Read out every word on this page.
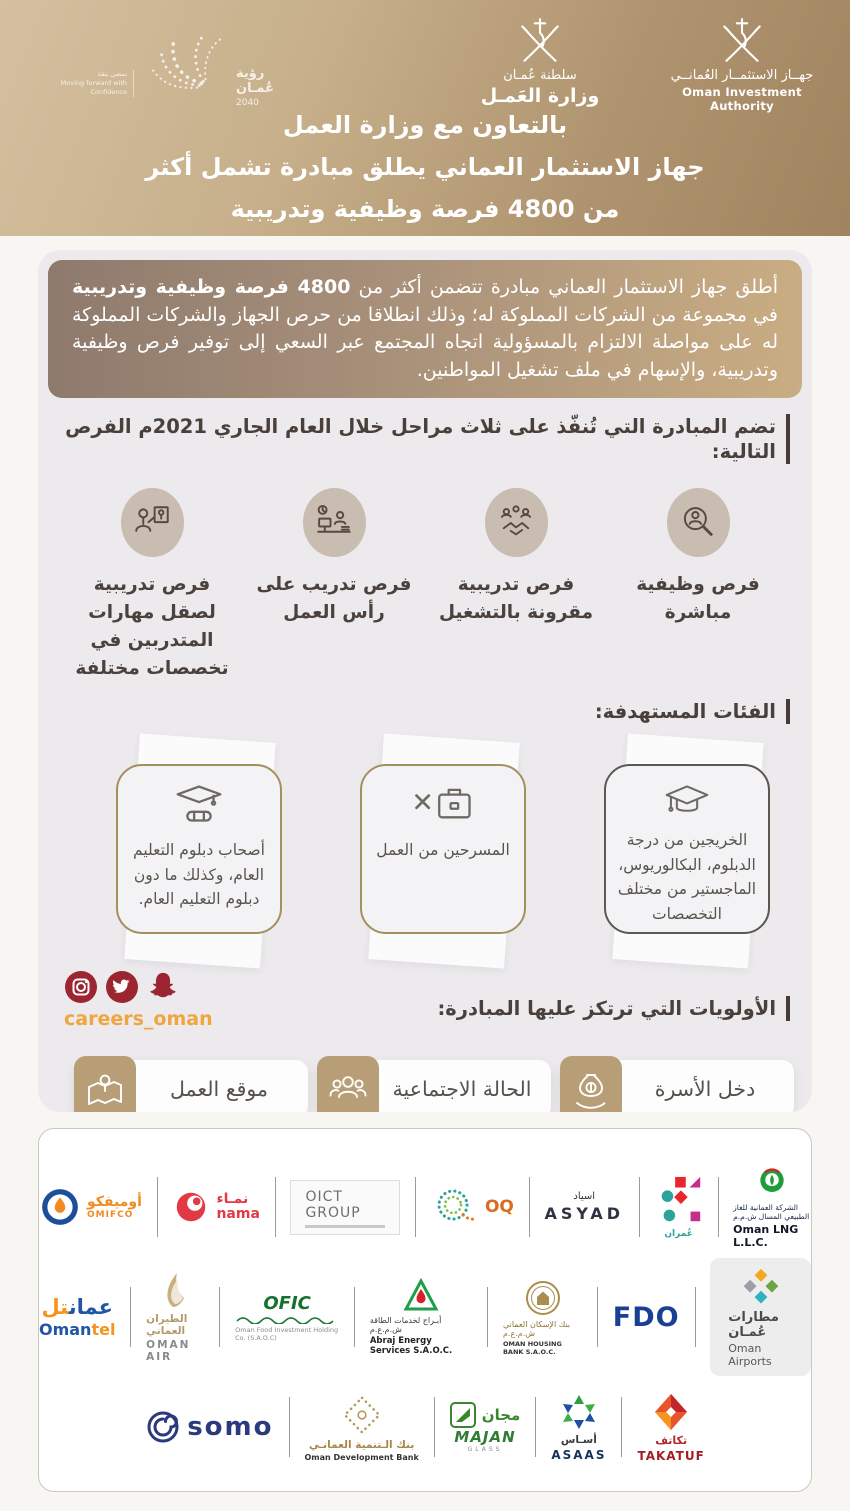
نمضي بثقة
Moving forward with Confidence
رؤية عُمـان
2040
سلطنة عُمـان
وزارة العَمـل
جهــاز الاستثمــار العُمانــي
Oman Investment Authority
بالتعاون مع وزارة العمل
جهاز الاستثمار العماني يطلق مبادرة تشمل أكثر
من 4800 فرصة وظيفية وتدريبية

أطلق جهاز الاستثمار العماني مبادرة تتضمن أكثر من 4800 فرصة وظيفية وتدريبية في مجموعة من الشركات المملوكة له؛ وذلك انطلاقا من حرص الجهاز والشركات المملوكة له على مواصلة الالتزام بالمسؤولية اتجاه المجتمع عبر السعي إلى توفير فرص وظيفية وتدريبية، والإسهام في ملف تشغيل المواطنين.

تضم المبادرة التي تُنفّذ على ثلاث مراحل خلال العام الجاري 2021م الفرص التالية:
فرص وظيفية مباشرة
فرص تدريبية مقرونة بالتشغيل
فرص تدريب على رأس العمل
فرص تدريبية لصقل مهارات المتدربين في تخصصات مختلفة
الفئات المستهدفة:
الخريجين من درجة الدبلوم، البكالوريوس، الماجستير من مختلف التخصصات
المسرحين من العمل
أصحاب دبلوم التعليم العام، وكذلك ما دون دبلوم التعليم العام.
الأولويات التي ترتكز عليها المبادرة:
careers_oman
دخل الأسرة
الحالة الاجتماعية
موقع العمل
أوميفكو
OMIFCO
نمـاء
nama
OICT GROUP	OQ
اسياد
ASYAD
عُمران
الشركة العمانية للغاز الطبيعي المسال ش.م.م
Oman LNG L.L.C.
عمانتل
Omantel
الطيران العماني
OMAN AIR
OFIC
Oman Food Investment Holding Co. (S.A.O.C)
أبـراج لخدمات الطاقة ش.م.ع.م
Abraj Energy Services S.A.O.C.
بنك الإسكان العماني ش.م.ع.م
OMAN HOUSING BANK S.A.O.C.
FDO	مطارات عُمـان
Oman Airports
somo
بنك الـتنمية العمانـي
Oman Development Bank
مجان
MAJAN
GLASS
أسـاس
ASAAS
تكاتف
TAKATUF
